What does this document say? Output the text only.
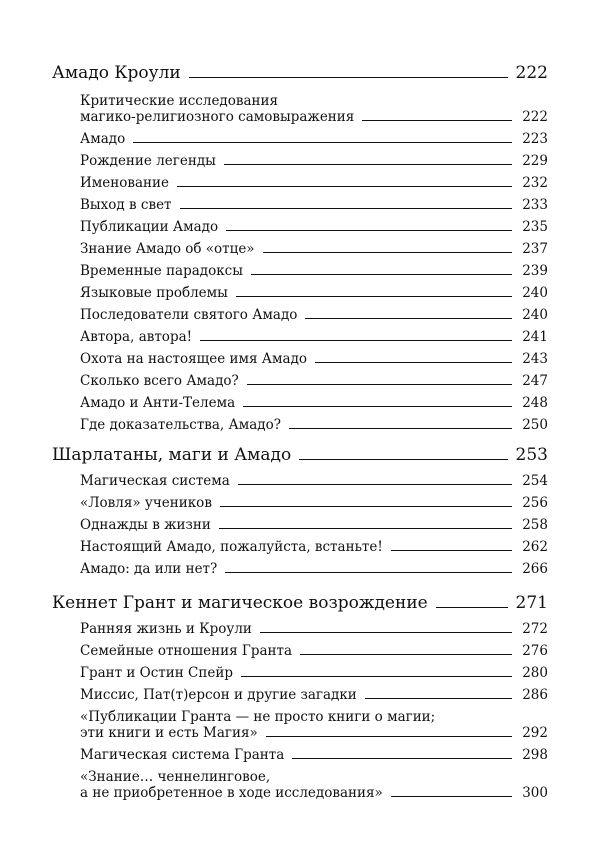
Амадо Кроули	222
Критические исследования
магико-религиозного самовыражения	222
Амадо	223
Рождение легенды	229
Именование	232
Выход в свет	233
Публикации Амадо	235
Знание Амадо об «отце»	237
Временные парадоксы	239
Языковые проблемы	240
Последователи святого Амадо	240
Автора, автора!	241
Охота на настоящее имя Амадо	243
Сколько всего Амадо?	247
Амадо и Анти-Телема	248
Где доказательства, Амадо?	250
Шарлатаны, маги и Амадо	253
Магическая система	254
«Ловля» учеников	256
Однажды в жизни	258
Настоящий Амадо, пожалуйста, встаньте!	262
Амадо: да или нет?	266
Кеннет Грант и магическое возрождение	271
Ранняя жизнь и Кроули	272
Семейные отношения Гранта	276
Грант и Остин Спейр	280
Миссис, Пат(т)ерсон и другие загадки	286
«Публикации Гранта — не просто книги о магии;
эти книги и есть Магия»	292
Магическая система Гранта	298
«Знание… ченнелинговое,
а не приобретенное в ходе исследования»	300
